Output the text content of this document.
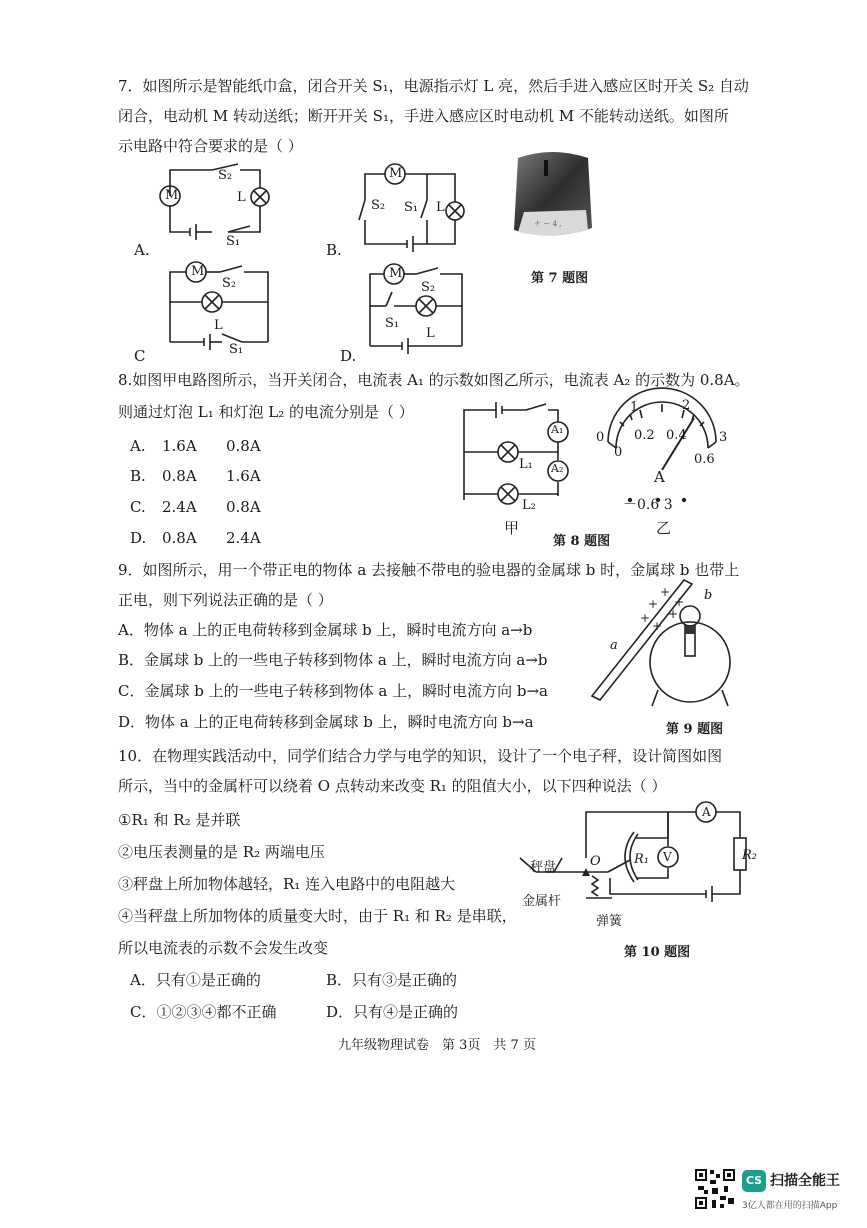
7．如图所示是智能纸巾盒，闭合开关 S₁，电源指示灯 L 亮，然后手进入感应区时开关 S₂ 自动
闭合，电动机 M 转动送纸；断开开关 S₁，手进入感应区时电动机 M 不能转动送纸。如图所
示电路中符合要求的是（ ）
M
S₂
L
S₁
A.
M
S₂ S₁ L
B.
ナ ー 4 ,
第 7 题图
M
S₂
L
S₁
C
M
S₂
S₁
L
D.
8.如图甲电路图所示，当开关闭合，电流表 A₁ 的示数如图乙所示，电流表 A₂ 的示数为 0.8A。
则通过灯泡 L₁ 和灯泡 L₂ 的电流分别是（ ）
A. 1.6A 0.8A
B. 0.8A 1.6A
C. 2.4A 0.8A
D. 0.8A 2.4A
A₁
A₂
L₁
L₂
甲
0
1	2
3
0
0.2 0.4
0.6
A
－0.6 3
乙
第 8 题图
9．如图所示，用一个带正电的物体 a 去接触不带电的验电器的金属球 b 时，金属球 b 也带上
正电，则下列说法正确的是（ ）
A．物体 a 上的正电荷转移到金属球 b 上，瞬时电流方向 a→b
B．金属球 b 上的一些电子转移到物体 a 上，瞬时电流方向 a→b
C．金属球 b 上的一些电子转移到物体 a 上，瞬时电流方向 b→a
D．物体 a 上的正电荷转移到金属球 b 上，瞬时电流方向 b→a
+
+
+ +
+
+ b
a
第 9 题图
10．在物理实践活动中，同学们结合力学与电学的知识，设计了一个电子秤，设计简图如图
所示，当中的金属杆可以绕着 O 点转动来改变 R₁ 的阻值大小，以下四种说法（ ）
①R₁ 和 R₂ 是并联
②电压表测量的是 R₂ 两端电压
③秤盘上所加物体越轻，R₁ 连入电路中的电阻越大
④当秤盘上所加物体的质量变大时，由于 R₁ 和 R₂ 是串联，
所以电流表的示数不会发生改变
A．只有①是正确的	B．只有③是正确的
C．①②③④都不正确	D．只有④是正确的
V
A
R₂
R₁
O
秤盘
金属杆
弹簧
第 10 题图
九年级物理试卷　第 3页　共 7 页
CS 扫描全能王
3亿人都在用的扫描App
